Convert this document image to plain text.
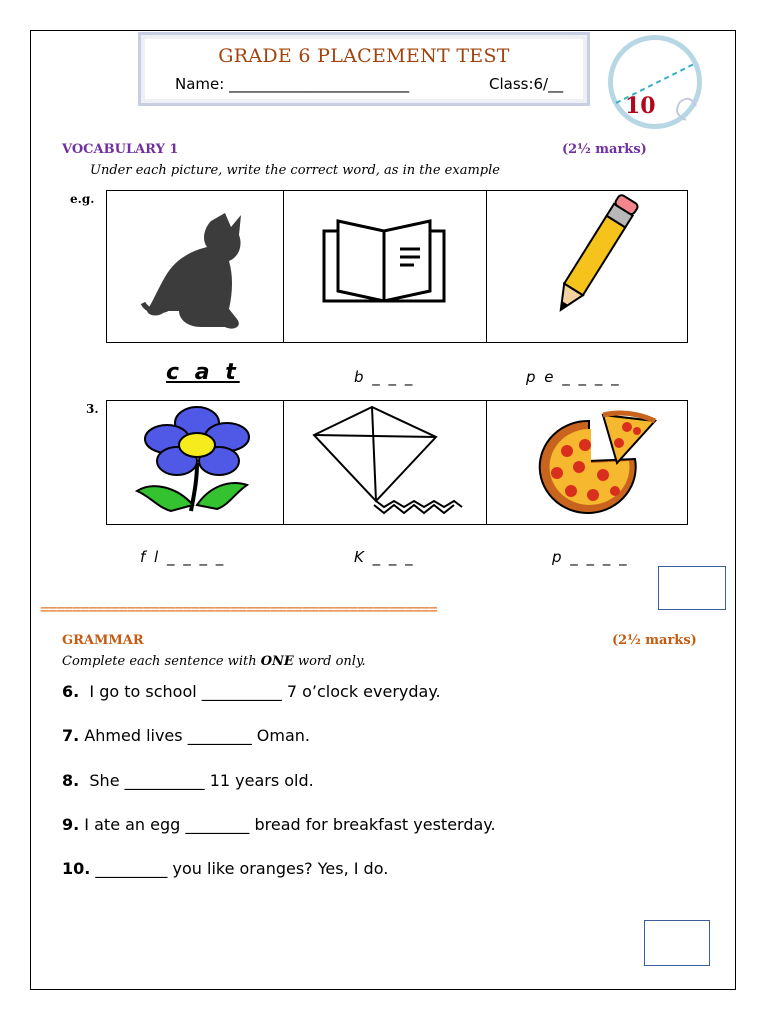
GRADE 6 PLACEMENT TEST
Name: ________________________	Class:6/__
10
VOCABULARY 1	(2½ marks)
Under each picture, write the correct word, as in the example
e.g.
c a t	b _ _ _	p e _ _ _ _
3.
f l _ _ _ _	K _ _ _	p _ _ _ _
==================================================
GRAMMAR	(2½ marks)
Complete each sentence with ONE word only.
6.  I go to school __________ 7 o’clock everyday.
7. Ahmed lives ________ Oman.
8.  She __________ 11 years old.
9. I ate an egg ________ bread for breakfast yesterday.
10. _________ you like oranges? Yes, I do.
